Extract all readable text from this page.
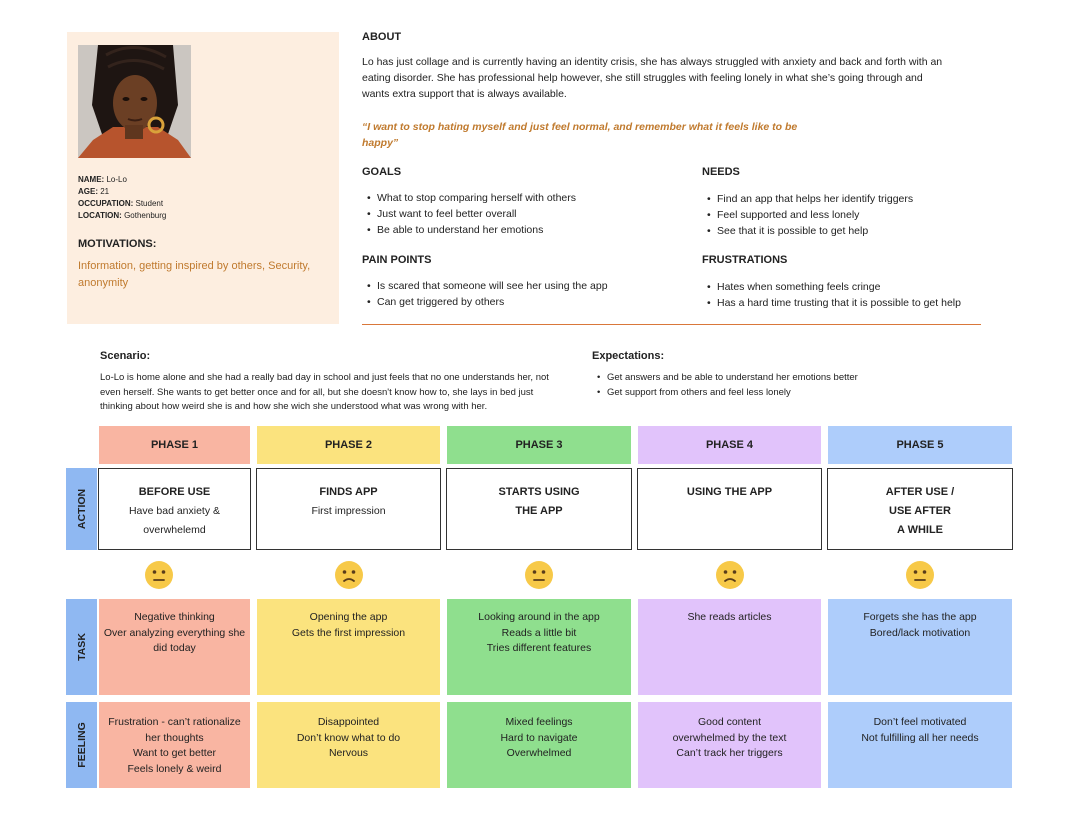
NAME: Lo-Lo
AGE: 21
OCCUPATION: Student
LOCATION: Gothenburg
MOTIVATIONS:
Information, getting inspired by others, Security, anonymity
ABOUT
Lo has just collage and is currently having an identity crisis, she has always struggled with anxiety and back and forth with an eating disorder. She has professional help however, she still struggles with feeling lonely in what she’s going through and wants extra support that is always available.
“I want to stop hating myself and just feel normal, and remember what it feels like to be happy”
GOALS
• What to stop comparing herself with others
• Just want to feel better overall
• Be able to understand her emotions
NEEDS
• Find an app that helps her identify triggers
• Feel supported and less lonely
• See that it is possible to get help
PAIN POINTS
• Is scared that someone will see her using the app
• Can get triggered by others
FRUSTRATIONS
• Hates when something feels cringe
• Has a hard time trusting that it is possible to get help
Scenario:
Lo-Lo is home alone and she had a really bad day in school and just feels that no one understands her, not even herself. She wants to get better once and for all, but she doesn't know how to, she lays in bed just thinking about how weird she is and how she wich she understood what was wrong with her.
Expectations:
• Get answers and be able to understand her emotions better
• Get support from others and feel less lonely
ACTION
TASK
FEELING
PHASE 1
BEFORE USE
Have bad anxiety &
overwhelemd
Negative thinking
Over analyzing everything she
did today
Frustration - can’t rationalize
her thoughts
Want to get better
Feels lonely & weird
PHASE 2
FINDS APP
First impression
Opening the app
Gets the first impression
Disappointed
Don’t know what to do
Nervous
PHASE 3
STARTS USING
THE APP
Looking around in the app
Reads a little bit
Tries different features
Mixed feelings
Hard to navigate
Overwhelmed
PHASE 4
USING THE APP
She reads articles
Good content
overwhelmed by the text
Can’t track her triggers
PHASE 5
AFTER USE /
USE AFTER
A WHILE
Forgets she has the app
Bored/lack motivation
Don’t feel motivated
Not fulfilling all her needs
